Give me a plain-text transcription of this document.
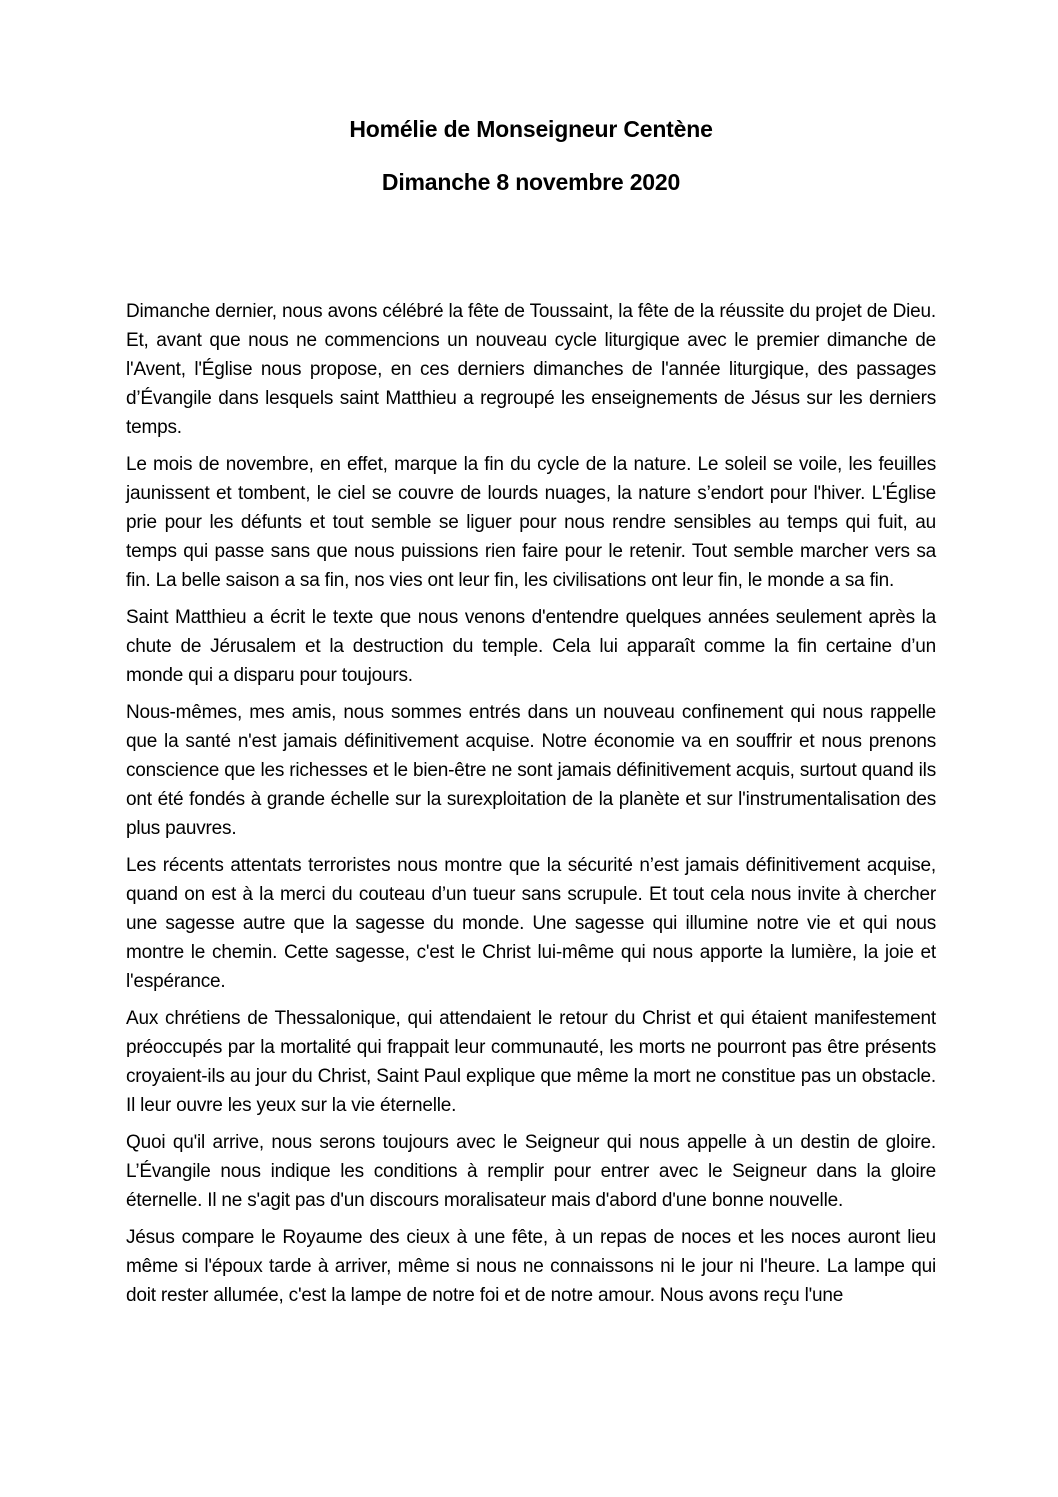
Homélie de Monseigneur Centène
Dimanche 8 novembre 2020

Dimanche dernier, nous avons célébré la fête de Toussaint, la fête de la réussite du projet de Dieu. Et, avant que nous ne commencions un nouveau cycle liturgique avec le premier dimanche de l'Avent, l'Église nous propose, en ces derniers dimanches de l'année liturgique, des passages d’Évangile dans lesquels saint Matthieu a regroupé les enseignements de Jésus sur les derniers temps.

Le mois de novembre, en effet, marque la fin du cycle de la nature. Le soleil se voile, les feuilles jaunissent et tombent, le ciel se couvre de lourds nuages, la nature s’endort pour l'hiver. L'Église prie pour les défunts et tout semble se liguer pour nous rendre sensibles au temps qui fuit, au temps qui passe sans que nous puissions rien faire pour le retenir. Tout semble marcher vers sa fin. La belle saison a sa fin, nos vies ont leur fin, les civilisations ont leur fin, le monde a sa fin.

Saint Matthieu a écrit le texte que nous venons d'entendre quelques années seulement après la chute de Jérusalem et la destruction du temple. Cela lui apparaît comme la fin certaine d’un monde qui a disparu pour toujours.

Nous-mêmes, mes amis, nous sommes entrés dans un nouveau confinement qui nous rappelle que la santé n'est jamais définitivement acquise. Notre économie va en souffrir et nous prenons conscience que les richesses et le bien-être ne sont jamais définitivement acquis, surtout quand ils ont été fondés à grande échelle sur la surexploitation de la planète et sur l'instrumentalisation des plus pauvres.

Les récents attentats terroristes nous montre que la sécurité n’est jamais définitivement acquise, quand on est à la merci du couteau d’un tueur sans scrupule. Et tout cela nous invite à chercher une sagesse autre que la sagesse du monde. Une sagesse qui illumine notre vie et qui nous montre le chemin. Cette sagesse, c'est le Christ lui-même qui nous apporte la lumière, la joie et l'espérance.

Aux chrétiens de Thessalonique, qui attendaient le retour du Christ et qui étaient manifestement préoccupés par la mortalité qui frappait leur communauté, les morts ne pourront pas être présents croyaient-ils au jour du Christ, Saint Paul explique que même la mort ne constitue pas un obstacle. Il leur ouvre les yeux sur la vie éternelle.

Quoi qu'il arrive, nous serons toujours avec le Seigneur qui nous appelle à un destin de gloire. L’Évangile nous indique les conditions à remplir pour entrer avec le Seigneur dans la gloire éternelle. Il ne s'agit pas d'un discours moralisateur mais d'abord d'une bonne nouvelle.

Jésus compare le Royaume des cieux à une fête, à un repas de noces et les noces auront lieu même si l'époux tarde à arriver, même si nous ne connaissons ni le jour ni l'heure. La lampe qui doit rester allumée, c'est la lampe de notre foi et de notre amour. Nous avons reçu l'une
